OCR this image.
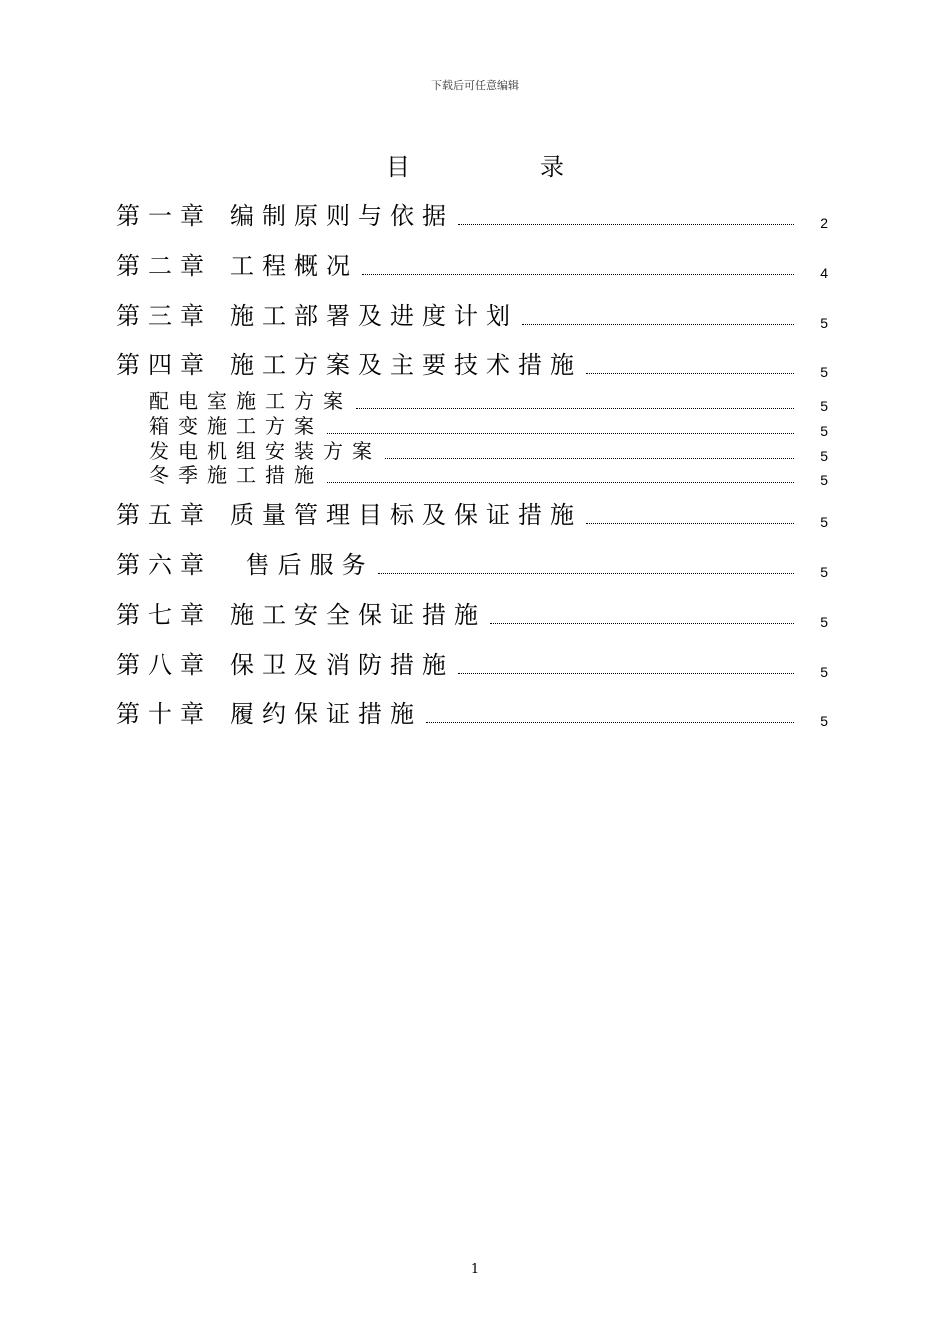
下载后可任意编辑
目	录
第一章 编制原则与依据	2
第二章 工程概况	4
第三章 施工部署及进度计划	5
第四章 施工方案及主要技术措施	5
配电室施工方案	5
箱变施工方案	5
发电机组安装方案	5
冬季施工措施	5
第五章 质量管理目标及保证措施	5
第六章 售后服务	5
第七章 施工安全保证措施	5
第八章 保卫及消防措施	5
第十章 履约保证措施	5
1
